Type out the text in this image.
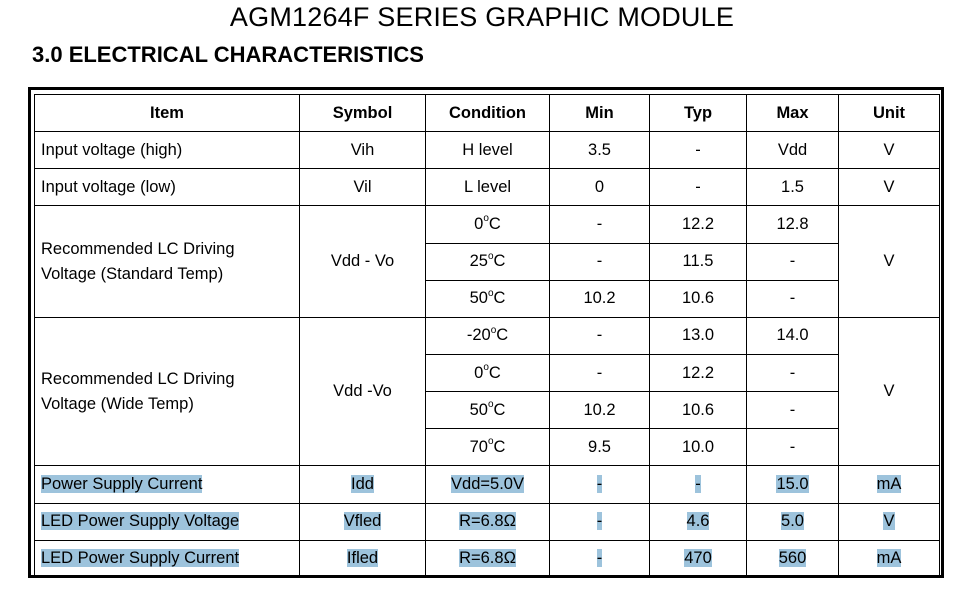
AGM1264F SERIES GRAPHIC MODULE
3.0 ELECTRICAL CHARACTERISTICS
Item	Symbol	Condition	Min	Typ	Max	Unit
Input voltage (high)	Vih	H level	3.5	-	Vdd	V
Input voltage (low)	Vil	L level	0	-	1.5	V
Recommended LC Driving
Voltage (Standard Temp)	Vdd - Vo	0$^o$C	-	12.2	12.8	V
		25$^o$C	-	11.5	-	
		50$^o$C	10.2	10.6	-	
Recommended LC Driving
Voltage (Wide Temp)	Vdd -Vo	-20$^o$C	-	13.0	14.0	V
		0$^o$C	-	12.2	-	
		50$^o$C	10.2	10.6	-	
		70$^o$C	9.5	10.0	-	
Power Supply Current	Idd	Vdd=5.0V	-	-	15.0	mA
LED Power Supply Voltage	Vfled	R=6.8Ω	-	4.6	5.0	V
LED Power Supply Current	Ifled	R=6.8Ω	-	470	560	mA
